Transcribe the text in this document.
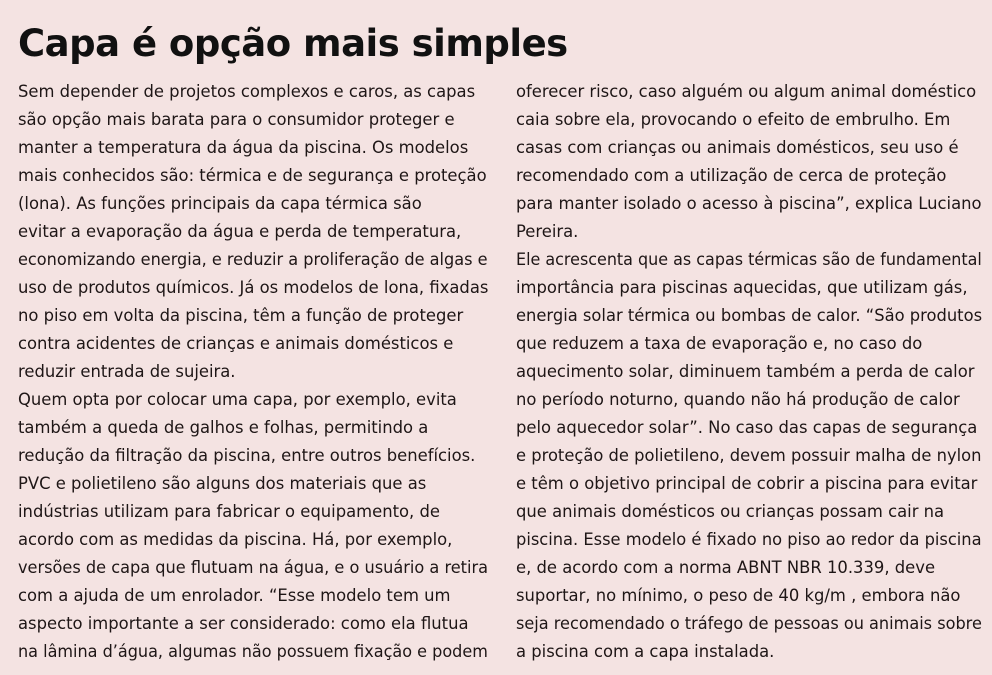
Capa é opção mais simples
Sem depender de projetos complexos e caros, as capas
são opção mais barata para o consumidor proteger e
manter a temperatura da água da piscina. Os modelos
mais conhecidos são: térmica e de segurança e proteção
(lona). As funções principais da capa térmica são
evitar a evaporação da água e perda de temperatura,
economizando energia, e reduzir a proliferação de algas e
uso de produtos químicos. Já os modelos de lona, fixadas
no piso em volta da piscina, têm a função de proteger
contra acidentes de crianças e animais domésticos e
reduzir entrada de sujeira.
Quem opta por colocar uma capa, por exemplo, evita
também a queda de galhos e folhas, permitindo a
redução da filtração da piscina, entre outros benefícios.
PVC e polietileno são alguns dos materiais que as
indústrias utilizam para fabricar o equipamento, de
acordo com as medidas da piscina. Há, por exemplo,
versões de capa que flutuam na água, e o usuário a retira
com a ajuda de um enrolador. “Esse modelo tem um
aspecto importante a ser considerado: como ela flutua
na lâmina d’água, algumas não possuem fixação e podem
oferecer risco, caso alguém ou algum animal doméstico
caia sobre ela, provocando o efeito de embrulho. Em
casas com crianças ou animais domésticos, seu uso é
recomendado com a utilização de cerca de proteção
para manter isolado o acesso à piscina”, explica Luciano
Pereira.
Ele acrescenta que as capas térmicas são de fundamental
importância para piscinas aquecidas, que utilizam gás,
energia solar térmica ou bombas de calor. “São produtos
que reduzem a taxa de evaporação e, no caso do
aquecimento solar, diminuem também a perda de calor
no período noturno, quando não há produção de calor
pelo aquecedor solar”. No caso das capas de segurança
e proteção de polietileno, devem possuir malha de nylon
e têm o objetivo principal de cobrir a piscina para evitar
que animais domésticos ou crianças possam cair na
piscina. Esse modelo é fixado no piso ao redor da piscina
e, de acordo com a norma ABNT NBR 10.339, deve
suportar, no mínimo, o peso de 40 kg/m , embora não
seja recomendado o tráfego de pessoas ou animais sobre
a piscina com a capa instalada.
